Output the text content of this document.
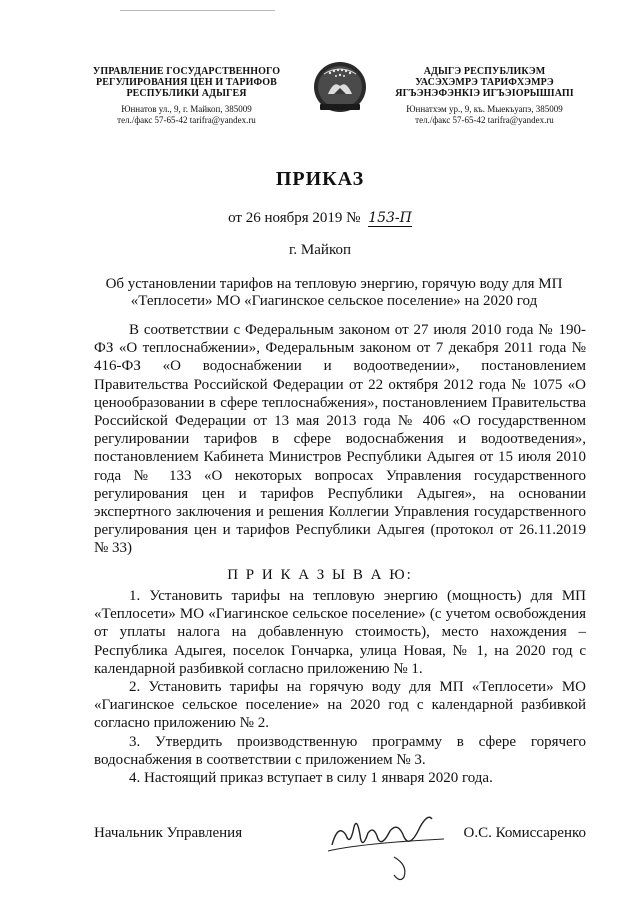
УПРАВЛЕНИЕ ГОСУДАРСТВЕННОГО
РЕГУЛИРОВАНИЯ ЦЕН И ТАРИФОВ
РЕСПУБЛИКИ АДЫГЕЯ
Юннатов ул., 9, г. Майкоп, 385009
тел./факс 57-65-42 tarifra@yandex.ru
АДЫГЭ РЕСПУБЛИКЭМ
УАСЭХЭМРЭ ТАРИФХЭМРЭ
ЯГЪЭНЭФЭНКIЭ ИГЪЭIОРЫШIАПI
Юннатхэм ур., 9, къ. Мыекъуапэ, 385009
тел./факс 57-65-42 tarifra@yandex.ru
ПРИКАЗ
от 26 ноября 2019 № 153-П
г. Майкоп
Об установлении тарифов на тепловую энергию, горячую воду для МП «Теплосети» МО «Гиагинское сельское поселение» на 2020 год
В соответствии с Федеральным законом от 27 июля 2010 года № 190-ФЗ «О теплоснабжении», Федеральным законом от 7 декабря 2011 года № 416-ФЗ «О водоснабжении и водоотведении», постановлением Правительства Российской Федерации от 22 октября 2012 года № 1075 «О ценообразовании в сфере теплоснабжения», постановлением Правительства Российской Федерации от 13 мая 2013 года № 406 «О государственном регулировании тарифов в сфере водоснабжения и водоотведения», постановлением Кабинета Министров Республики Адыгея от 15 июля 2010 года № 133 «О некоторых вопросах Управления государственного регулирования цен и тарифов Республики Адыгея», на основании экспертного заключения и решения Коллегии Управления государственного регулирования цен и тарифов Республики Адыгея (протокол от 26.11.2019 № 33)
П Р И К А З Ы В А Ю:

1. Установить тарифы на тепловую энергию (мощность) для МП «Теплосети» МО «Гиагинское сельское поселение» (с учетом освобождения от уплаты налога на добавленную стоимость), место нахождения – Республика Адыгея, поселок Гончарка, улица Новая, № 1, на 2020 год с календарной разбивкой согласно приложению № 1.

2. Установить тарифы на горячую воду для МП «Теплосети» МО «Гиагинское сельское поселение» на 2020 год с календарной разбивкой согласно приложению № 2.

3. Утвердить производственную программу в сфере горячего водоснабжения в соответствии с приложением № 3.

4. Настоящий приказ вступает в силу 1 января 2020 года.

Начальник Управления	О.С. Комиссаренко
